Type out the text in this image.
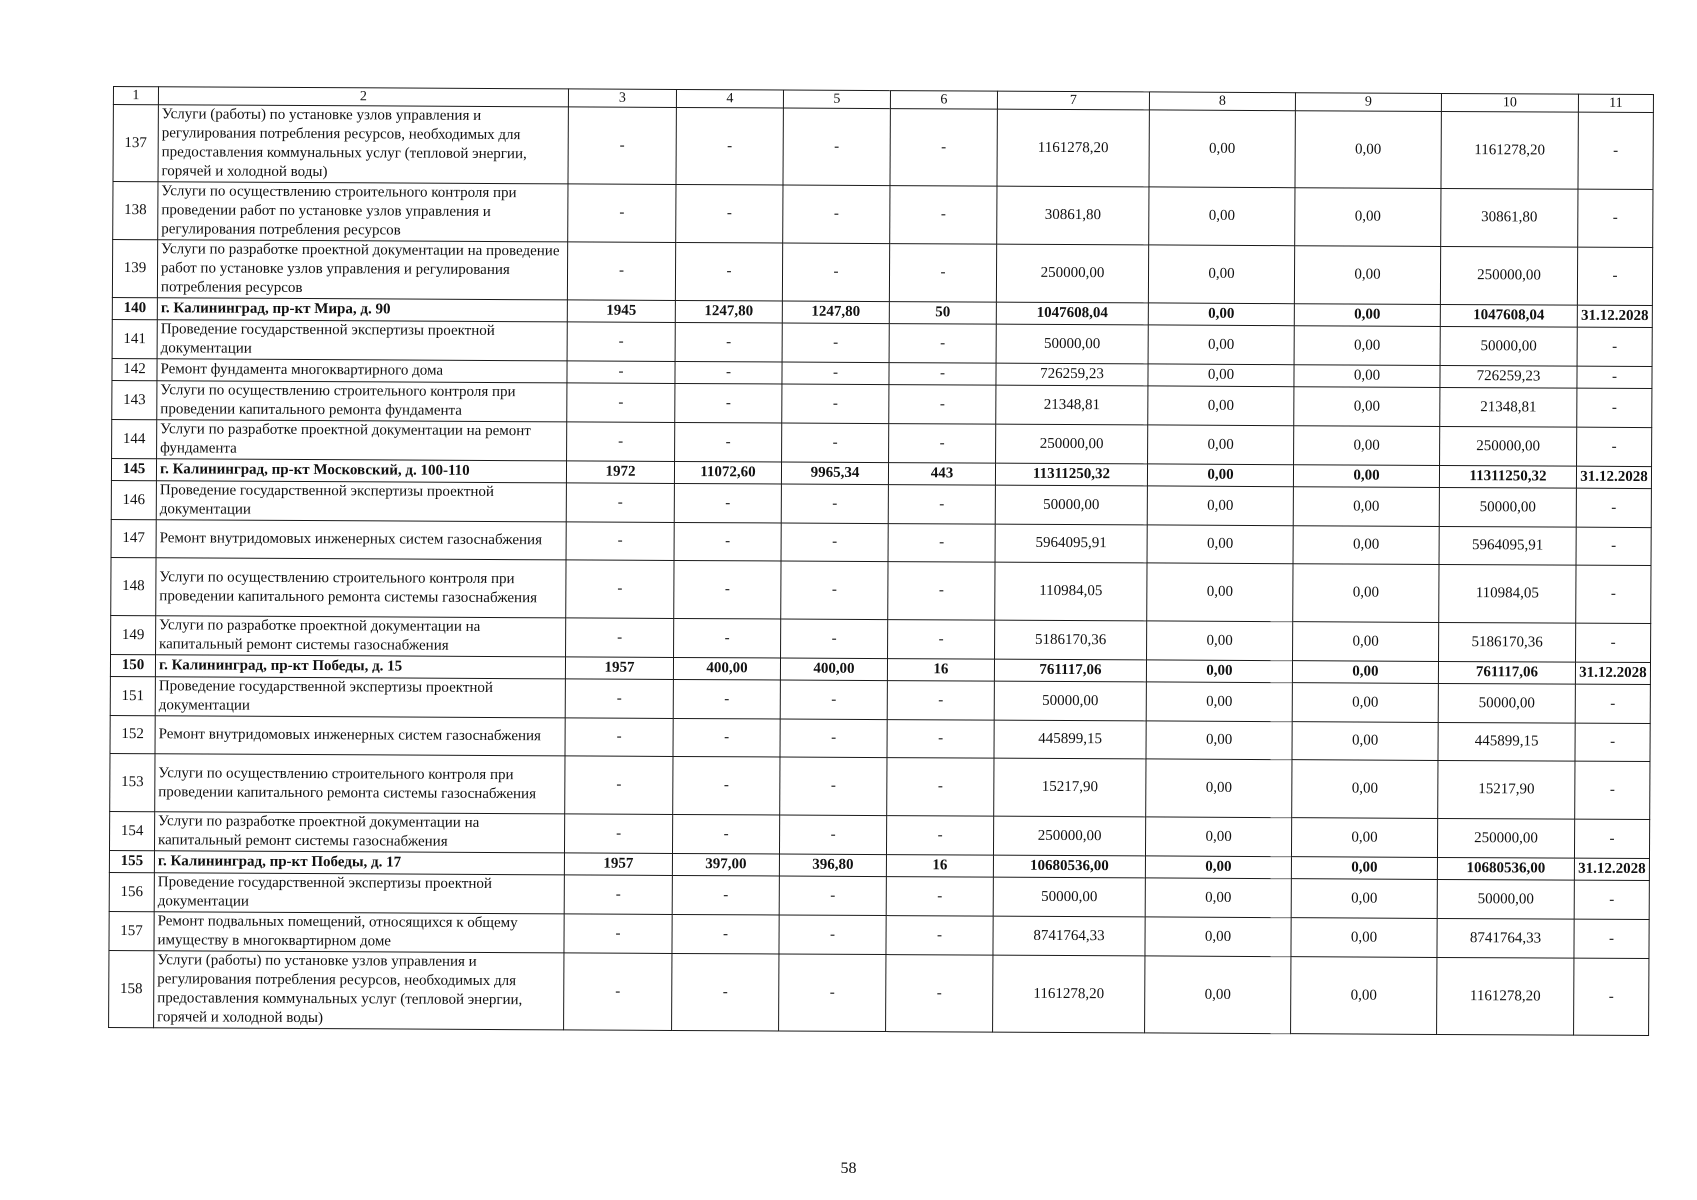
1	2	3	4	5	6	7	8	9	10	11
137	Услуги (работы) по установке узлов управления и регулирования потребления ресурсов, необходимых для предоставления коммунальных услуг (тепловой энергии, горячей и холодной воды)	-	-	-	-	1161278,20	0,00	0,00	1161278,20	-
138	Услуги по осуществлению строительного контроля при проведении работ по установке узлов управления и регулирования потребления ресурсов	-	-	-	-	30861,80	0,00	0,00	30861,80	-
139	Услуги по разработке проектной документации на проведение работ по установке узлов управления и регулирования потребления ресурсов	-	-	-	-	250000,00	0,00	0,00	250000,00	-
140	г. Калининград, пр-кт Мира, д. 90	1945	1247,80	1247,80	50	1047608,04	0,00	0,00	1047608,04	31.12.2028
141	Проведение государственной экспертизы проектной документации	-	-	-	-	50000,00	0,00	0,00	50000,00	-
142	Ремонт фундамента многоквартирного дома	-	-	-	-	726259,23	0,00	0,00	726259,23	-
143	Услуги по осуществлению строительного контроля при проведении капитального ремонта фундамента	-	-	-	-	21348,81	0,00	0,00	21348,81	-
144	Услуги по разработке проектной документации на ремонт фундамента	-	-	-	-	250000,00	0,00	0,00	250000,00	-
145	г. Калининград, пр-кт Московский, д. 100-110	1972	11072,60	9965,34	443	11311250,32	0,00	0,00	11311250,32	31.12.2028
146	Проведение государственной экспертизы проектной документации	-	-	-	-	50000,00	0,00	0,00	50000,00	-
147	Ремонт внутридомовых инженерных систем газоснабжения	-	-	-	-	5964095,91	0,00	0,00	5964095,91	-
148	Услуги по осуществлению строительного контроля при проведении капитального ремонта системы газоснабжения	-	-	-	-	110984,05	0,00	0,00	110984,05	-
149	Услуги по разработке проектной документации на капитальный ремонт системы газоснабжения	-	-	-	-	5186170,36	0,00	0,00	5186170,36	-
150	г. Калининград, пр-кт Победы, д. 15	1957	400,00	400,00	16	761117,06	0,00	0,00	761117,06	31.12.2028
151	Проведение государственной экспертизы проектной документации	-	-	-	-	50000,00	0,00	0,00	50000,00	-
152	Ремонт внутридомовых инженерных систем газоснабжения	-	-	-	-	445899,15	0,00	0,00	445899,15	-
153	Услуги по осуществлению строительного контроля при проведении капитального ремонта системы газоснабжения	-	-	-	-	15217,90	0,00	0,00	15217,90	-
154	Услуги по разработке проектной документации на капитальный ремонт системы газоснабжения	-	-	-	-	250000,00	0,00	0,00	250000,00	-
155	г. Калининград, пр-кт Победы, д. 17	1957	397,00	396,80	16	10680536,00	0,00	0,00	10680536,00	31.12.2028
156	Проведение государственной экспертизы проектной документации	-	-	-	-	50000,00	0,00	0,00	50000,00	-
157	Ремонт подвальных помещений, относящихся к общему имуществу в многоквартирном доме	-	-	-	-	8741764,33	0,00	0,00	8741764,33	-
158	Услуги (работы) по установке узлов управления и регулирования потребления ресурсов, необходимых для предоставления коммунальных услуг (тепловой энергии, горячей и холодной воды)	-	-	-	-	1161278,20	0,00	0,00	1161278,20	-
58
